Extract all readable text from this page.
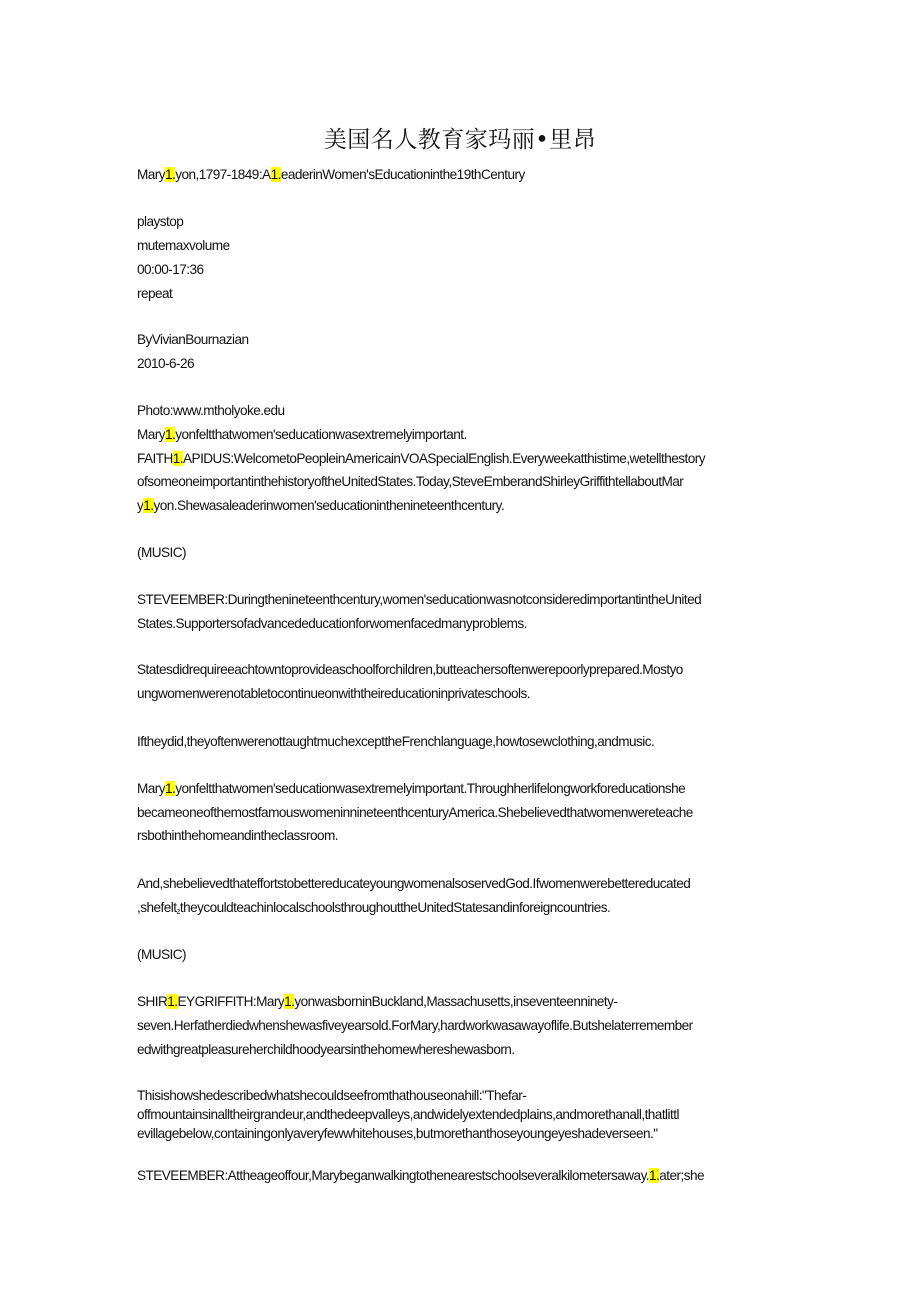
美国名人教育家玛丽•里昂
Mary1.yon,1797-1849:A1.eaderinWomen'sEducationinthe19thCentury
playstop
mutemaxvolume
00:00-17:36
repeat
ByVivianBournazian
2010-6-26
Photo:www.mtholyoke.edu
Mary1.yonfeltthatwomen'seducationwasextremelyimportant.
FAITH1.APIDUS:WelcometoPeopleinAmericainVOASpecialEnglish.Everyweekatthistime,wetellthestory
ofsomeoneimportantinthehistoryoftheUnitedStates.Today,SteveEmberandShirleyGriffithtellaboutMar
y1.yon.Shewasaleaderinwomen'seducationinthenineteenthcentury.
(MUSIC)
STEVEEMBER:Duringthenineteenthcentury,women'seducationwasnotconsideredimportantintheUnited
States.Supportersofadvancededucationforwomenfacedmanyproblems.
Statesdidrequireeachtowntoprovideaschoolforchildren,butteachersoftenwerepoorlyprepared.Mostyo
ungwomenwerenotabletocontinueonwiththeireducationinprivateschools.
Iftheydid,theyoftenwerenottaughtmuchexcepttheFrenchlanguage,howtosewclothing,andmusic.
Mary1.yonfeltthatwomen'seducationwasextremelyimportant.Throughherlifelongworkforeducationshe
becameoneofthemostfamouswomeninnineteenthcenturyAmerica.Shebelievedthatwomenwereteache
rsbothinthehomeandintheclassroom.
And,shebelievedthateffortstobettereducateyoungwomenalsoservedGod.Ifwomenwerebettereducated
,shefelt$_z$theycouldteachinlocalschoolsthroughouttheUnitedStatesandinforeigncountries.
(MUSIC)
SHIR1.EYGRIFFITH:Mary1.yonwasborninBuckland,Massachusetts,inseventeenninety-
seven.Herfatherdiedwhenshewasfiveyearsold.ForMary,hardworkwasawayoflife.Butshelaterremember
edwithgreatpleasureherchildhoodyearsinthehomewhereshewasborn.
Thisishowshedescribedwhatshecouldseefromthathouseonahill:"Thefar-
offmountainsinalltheirgrandeur,andthedeepvalleys,andwidelyextendedplains,andmorethanall,thatlittl
evillagebelow,containingonlyaveryfewwhitehouses,butmorethanthoseyoungeyeshadeverseen."
STEVEEMBER:Attheageoffour,Marybeganwalkingtothenearestschoolseveralkilometersaway.1.ater;she
